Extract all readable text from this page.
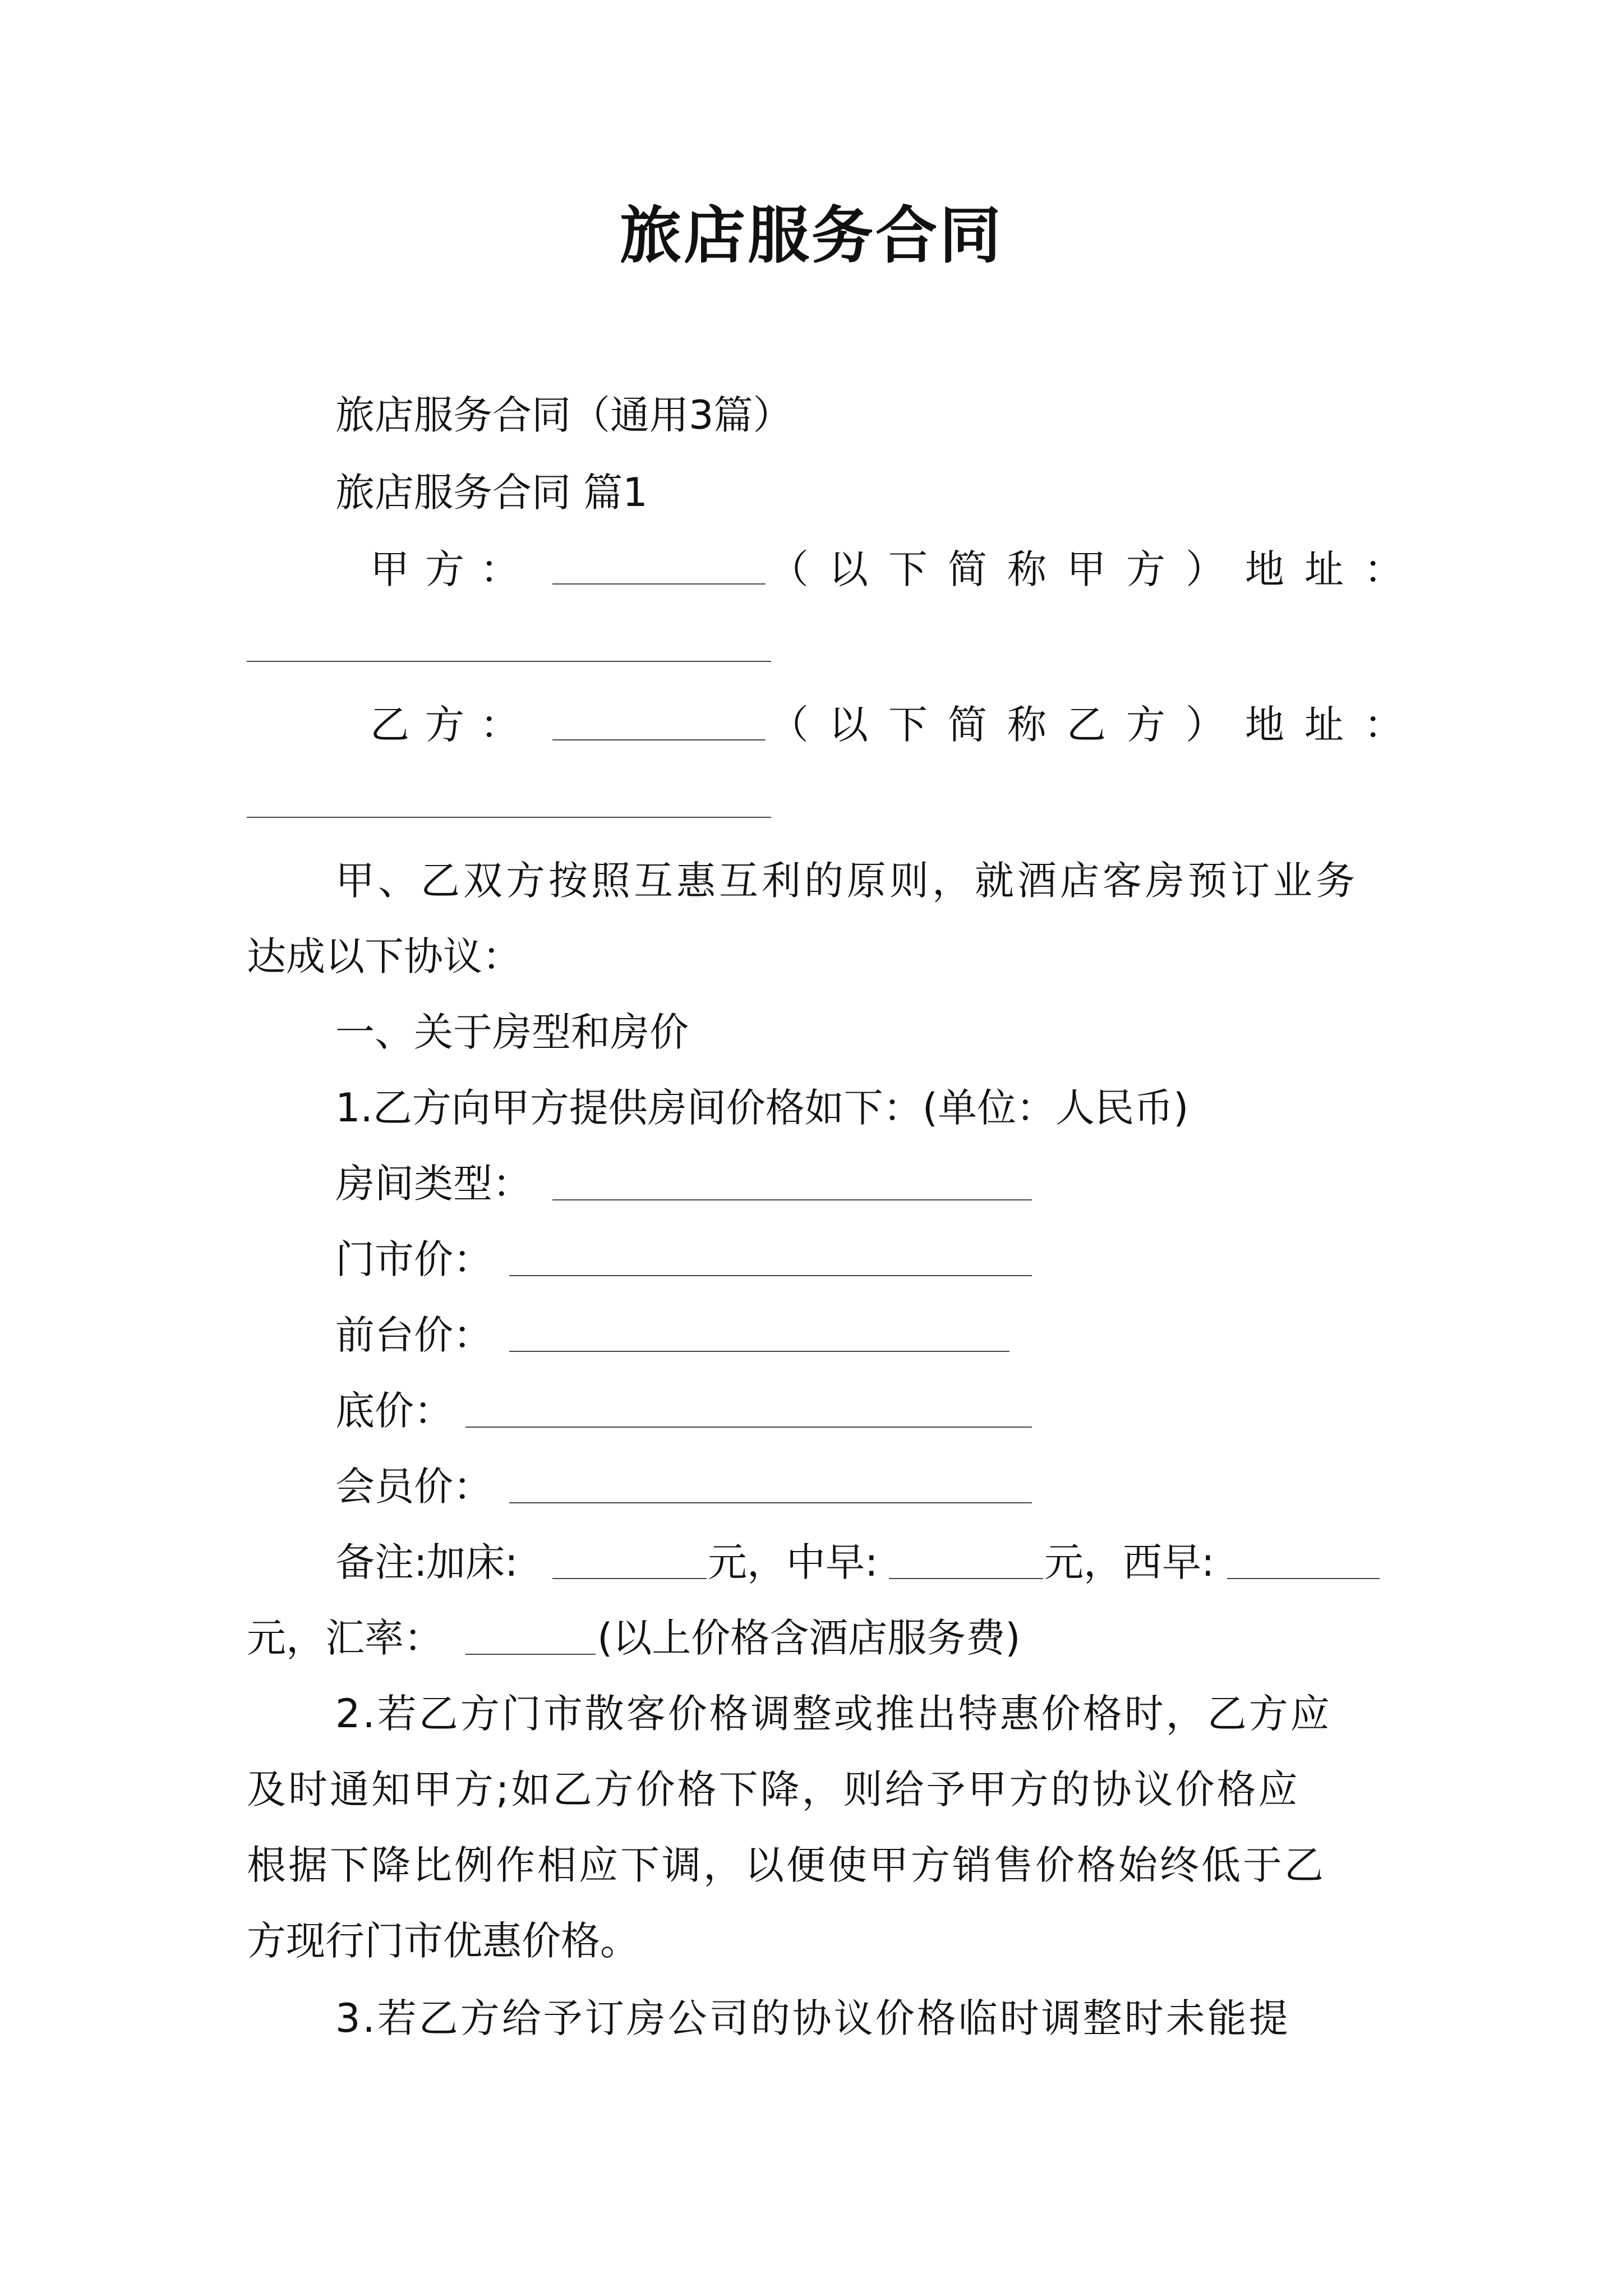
旅店服务合同
旅店服务合同（通用3篇）
旅店服务合同 篇1
甲方：	（以下简称甲方）地址：
乙方：	（以下简称乙方）地址：
甲、乙双方按照互惠互利的原则，就酒店客房预订业务
达成以下协议：
一、关于房型和房价
1.乙方向甲方提供房间价格如下：(单位：人民币)
房间类型：
门市价：
前台价：
底价：
会员价：
备注:
加床:	元，中早:	元，西早:
元，汇率：	(以上价格含酒店服务费)
2.若乙方门市散客价格调整或推出特惠价格时，乙方应
及时通知甲方;如乙方价格下降，则给予甲方的协议价格应
根据下降比例作相应下调，以便使甲方销售价格始终低于乙
方现行门市优惠价格。
3.若乙方给予订房公司的协议价格临时调整时未能提
